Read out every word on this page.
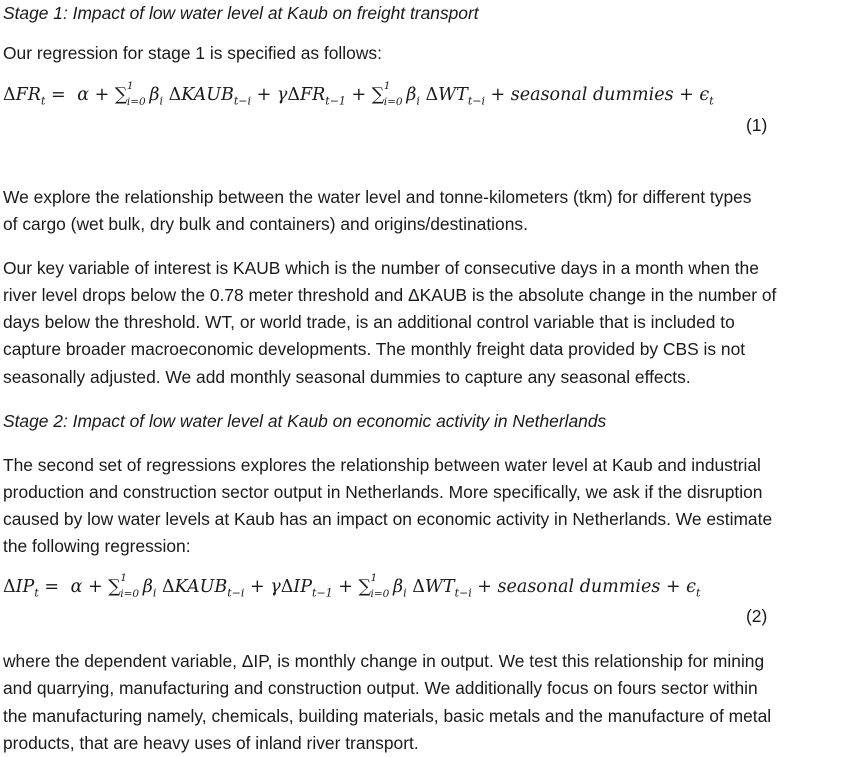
Stage 1: Impact of low water level at Kaub on freight transport

Our regression for stage 1 is specified as follows:

$\Delta FR_t = \alpha$ + ∑ 1
i=0 $\beta_i$ $\Delta KAUB_{t-i} + \gamma\Delta FR_{t-1}$ + ∑ 1
i=0 $\beta_i$ $\Delta WT_{t-i}$ + seasonal dummies + $\epsilon_t$
(1)

We explore the relationship between the water level and tonne-kilometers (tkm) for different types

of cargo (wet bulk, dry bulk and containers) and origins/destinations.

Our key variable of interest is KAUB which is the number of consecutive days in a month when the

river level drops below the 0.78 meter threshold and ΔKAUB is the absolute change in the number of

days below the threshold. WT, or world trade, is an additional control variable that is included to

capture broader macroeconomic developments. The monthly freight data provided by CBS is not

seasonally adjusted. We add monthly seasonal dummies to capture any seasonal effects.

Stage 2: Impact of low water level at Kaub on economic activity in Netherlands

The second set of regressions explores the relationship between water level at Kaub and industrial

production and construction sector output in Netherlands. More specifically, we ask if the disruption

caused by low water levels at Kaub has an impact on economic activity in Netherlands. We estimate

the following regression:

$\Delta IP_t = \alpha$ + ∑ 1
i=0 $\beta_i$ $\Delta KAUB_{t-i} + \gamma\Delta IP_{t-1}$ + ∑ 1
i=0 $\beta_i$ $\Delta WT_{t-i}$ + seasonal dummies + $\epsilon_t$
(2)

where the dependent variable, ΔIP, is monthly change in output. We test this relationship for mining

and quarrying, manufacturing and construction output. We additionally focus on fours sector within

the manufacturing namely, chemicals, building materials, basic metals and the manufacture of metal

products, that are heavy uses of inland river transport.
